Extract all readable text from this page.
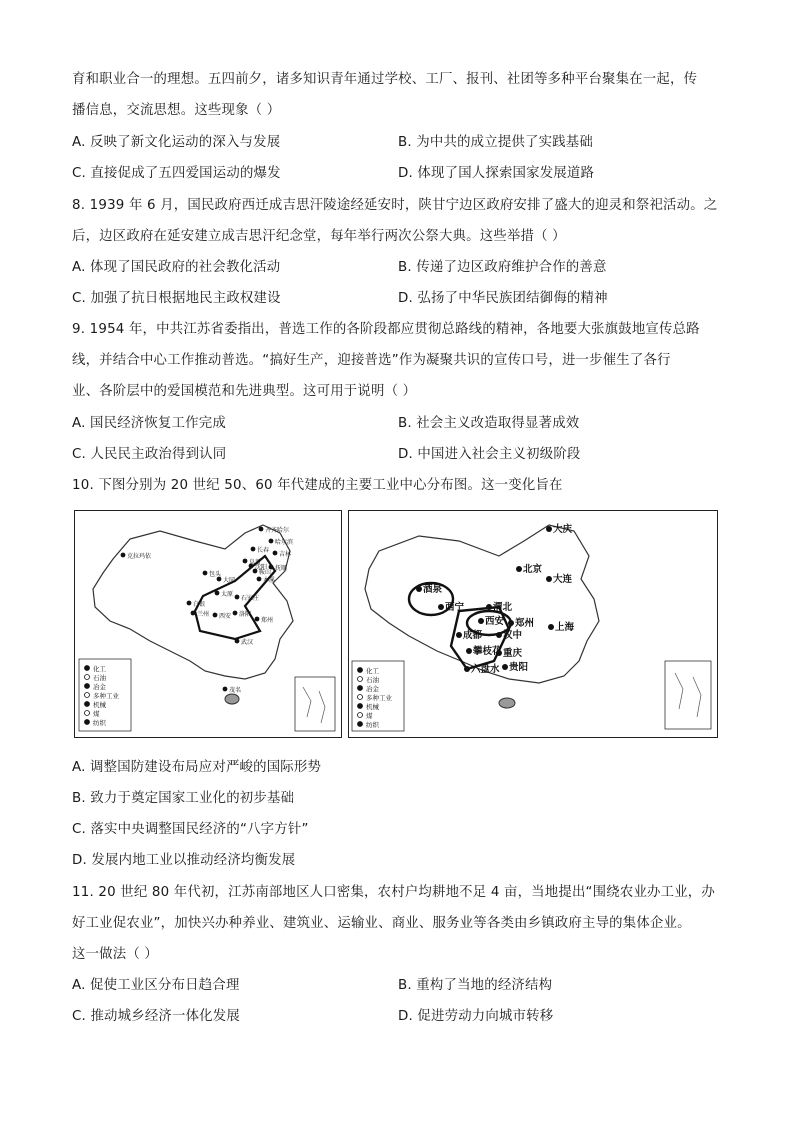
育和职业合一的理想。五四前夕，诸多知识青年通过学校、工厂、报刊、社团等多种平台聚集在一起，传
播信息，交流思想。这些现象（ ）
A. 反映了新文化运动的深入与发展	B. 为中共的成立提供了实践基础
C. 直接促成了五四爱国运动的爆发	D. 体现了国人探索国家发展道路
8. 1939 年 6 月，国民政府西迁成吉思汗陵途经延安时，陕甘宁边区政府安排了盛大的迎灵和祭祀活动。之
后，边区政府在延安建立成吉思汗纪念堂，每年举行两次公祭大典。这些举措（ ）
A. 体现了国民政府的社会教化活动	B. 传递了边区政府维护合作的善意
C. 加强了抗日根据地民主政权建设	D. 弘扬了中华民族团结御侮的精神
9. 1954 年，中共江苏省委指出，普选工作的各阶段都应贯彻总路线的精神，各地要大张旗鼓地宣传总路
线，并结合中心工作推动普选。“搞好生产，迎接普选”作为凝聚共识的宣传口号，进一步催生了各行
业、各阶层中的爱国模范和先进典型。这可用于说明（ ）
A. 国民经济恢复工作完成	B. 社会主义改造取得显著成效
C. 人民民主政治得到认同	D. 中国进入社会主义初级阶段
10. 下图分别为 20 世纪 50、60 年代建成的主要工业中心分布图。这一变化旨在
齐齐哈尔
哈尔滨
长春
吉林
克拉玛依
包头
大同
阜新
鞍山
本溪
沈阳 抚顺
太原
兰州 西安 洛阳
郑州
石家庄
白银
武汉
茂名
化工
石油
冶金
多种工业
机械
煤
纺织
大庆
北京
大连
酒泉
西宁	渭北
西安 郑州 上海
成都 汉中
攀枝花 重庆
贵阳
六盘水
化工
石油
冶金
多种工业
机械
煤
纺织
A. 调整国防建设布局应对严峻的国际形势
B. 致力于奠定国家工业化的初步基础
C. 落实中央调整国民经济的“八字方针”
D. 发展内地工业以推动经济均衡发展
11. 20 世纪 80 年代初，江苏南部地区人口密集，农村户均耕地不足 4 亩，当地提出“围绕农业办工业，办
好工业促农业”，加快兴办种养业、建筑业、运输业、商业、服务业等各类由乡镇政府主导的集体企业。
这一做法（ ）
A. 促使工业区分布日趋合理	B. 重构了当地的经济结构
C. 推动城乡经济一体化发展	D. 促进劳动力向城市转移
